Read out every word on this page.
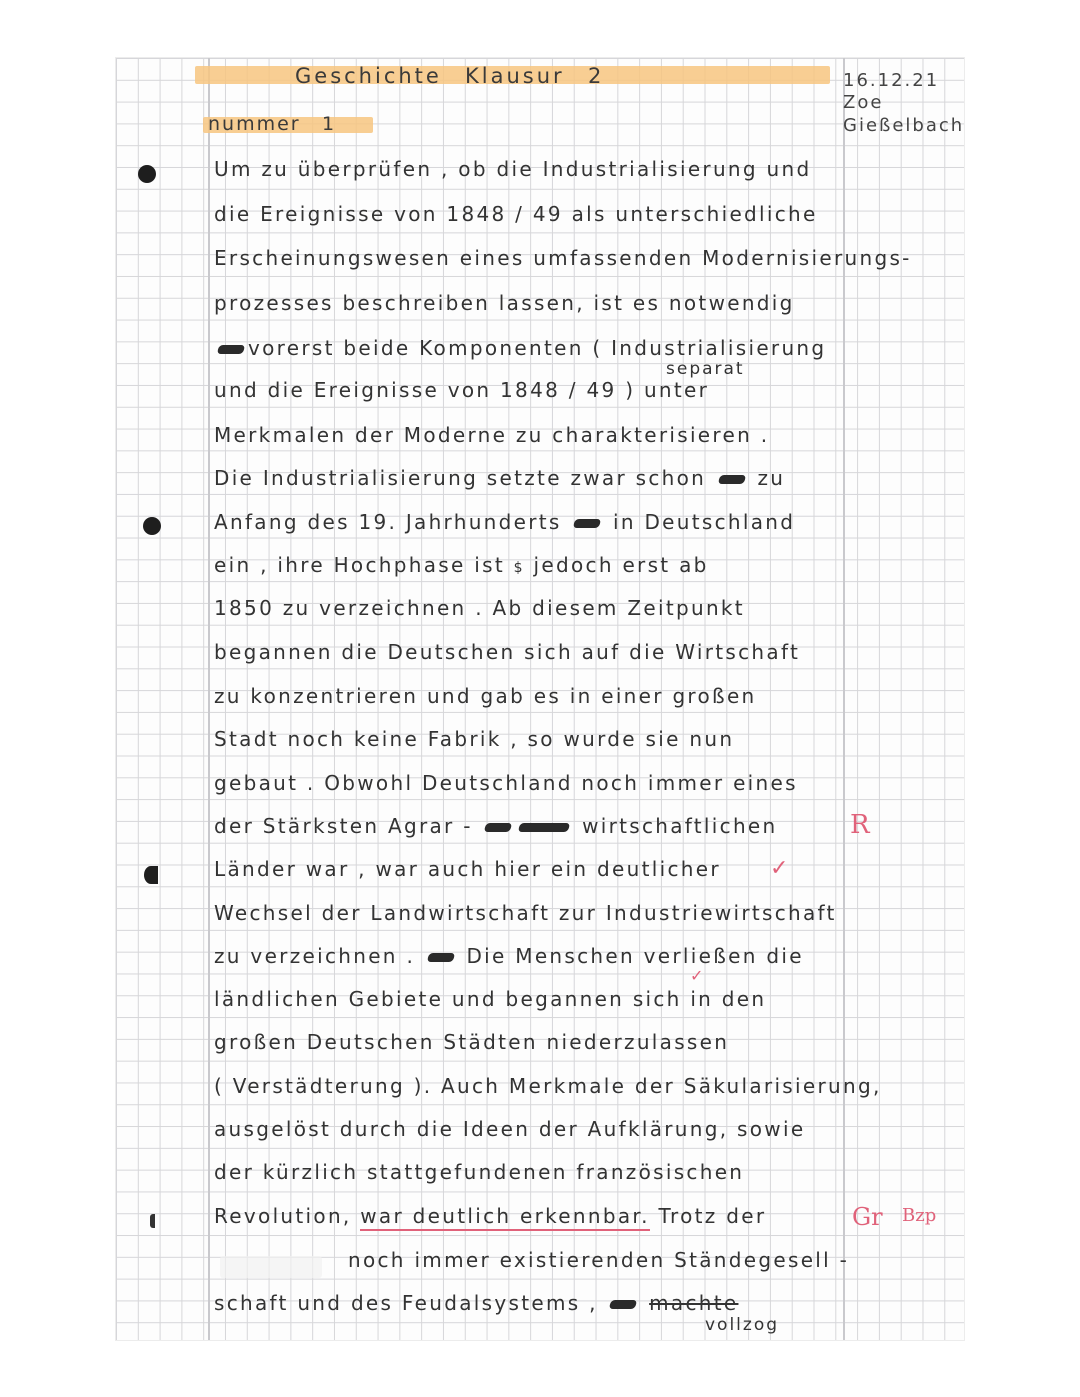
Geschichte Klausur 2
nummer 1
16.12.21
Zoe
Gießelbach
Um zu überprüfen , ob die Industrialisierung und
die Ereignisse von 1848 / 49 als unterschiedliche
Erscheinungswesen eines umfassenden Modernisierungs-
prozesses beschreiben lassen, ist es notwendig
vorerst beide Komponenten ( Industrialisierung
separat
und die Ereignisse von 1848 / 49 ) unter
Merkmalen der Moderne zu charakterisieren .
Die Industrialisierung setzte zwar schon	zu
Anfang des 19. Jahrhunderts	in Deutschland
ein , ihre Hochphase ist $ jedoch erst ab
1850 zu verzeichnen . Ab diesem Zeitpunkt
begannen die Deutschen sich auf die Wirtschaft
zu konzentrieren und gab es in einer großen
Stadt noch keine Fabrik , so wurde sie nun
gebaut . Obwohl Deutschland noch immer eines
der Stärksten Agrar -	wirtschaftlichen
Länder war , war auch hier ein deutlicher
Wechsel der Landwirtschaft zur Industriewirtschaft
zu verzeichnen .	Die Menschen verließen die
ländlichen Gebiete und begannen sich in den
großen Deutschen Städten niederzulassen
( Verstädterung ). Auch Merkmale der Säkularisierung,
ausgelöst durch die Ideen der Aufklärung, sowie
der kürzlich stattgefundenen französischen
Revolution, war deutlich erkennbar. Trotz der
noch immer existierenden Ständegesell -
schaft und des Feudalsystems ,	machte
vollzog
R
✓
✓
Gr Bzp
